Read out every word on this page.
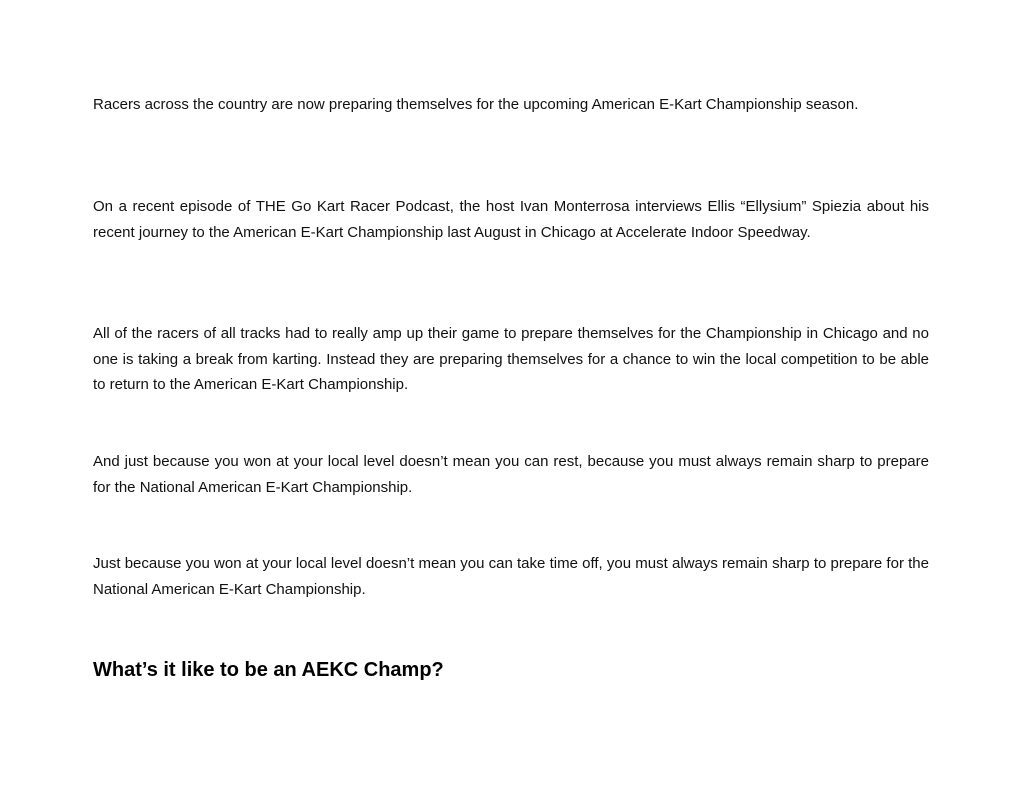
Racers across the country are now preparing themselves for the upcoming American E-Kart Championship season.

On a recent episode of THE Go Kart Racer Podcast, the host Ivan Monterrosa interviews Ellis “Ellysium” Spiezia about his recent journey to the American E-Kart Championship last August in Chicago at Accelerate Indoor Speedway.

All of the racers of all tracks had to really amp up their game to prepare themselves for the Championship in Chicago and no one is taking a break from karting. Instead they are preparing themselves for a chance to win the local competition to be able to return to the American E-Kart Championship.

And just because you won at your local level doesn’t mean you can rest, because you must always remain sharp to prepare for the National American E-Kart Championship.

Just because you won at your local level doesn’t mean you can take time off, you must always remain sharp to prepare for the National American E-Kart Championship.

What’s it like to be an AEKC Champ?
